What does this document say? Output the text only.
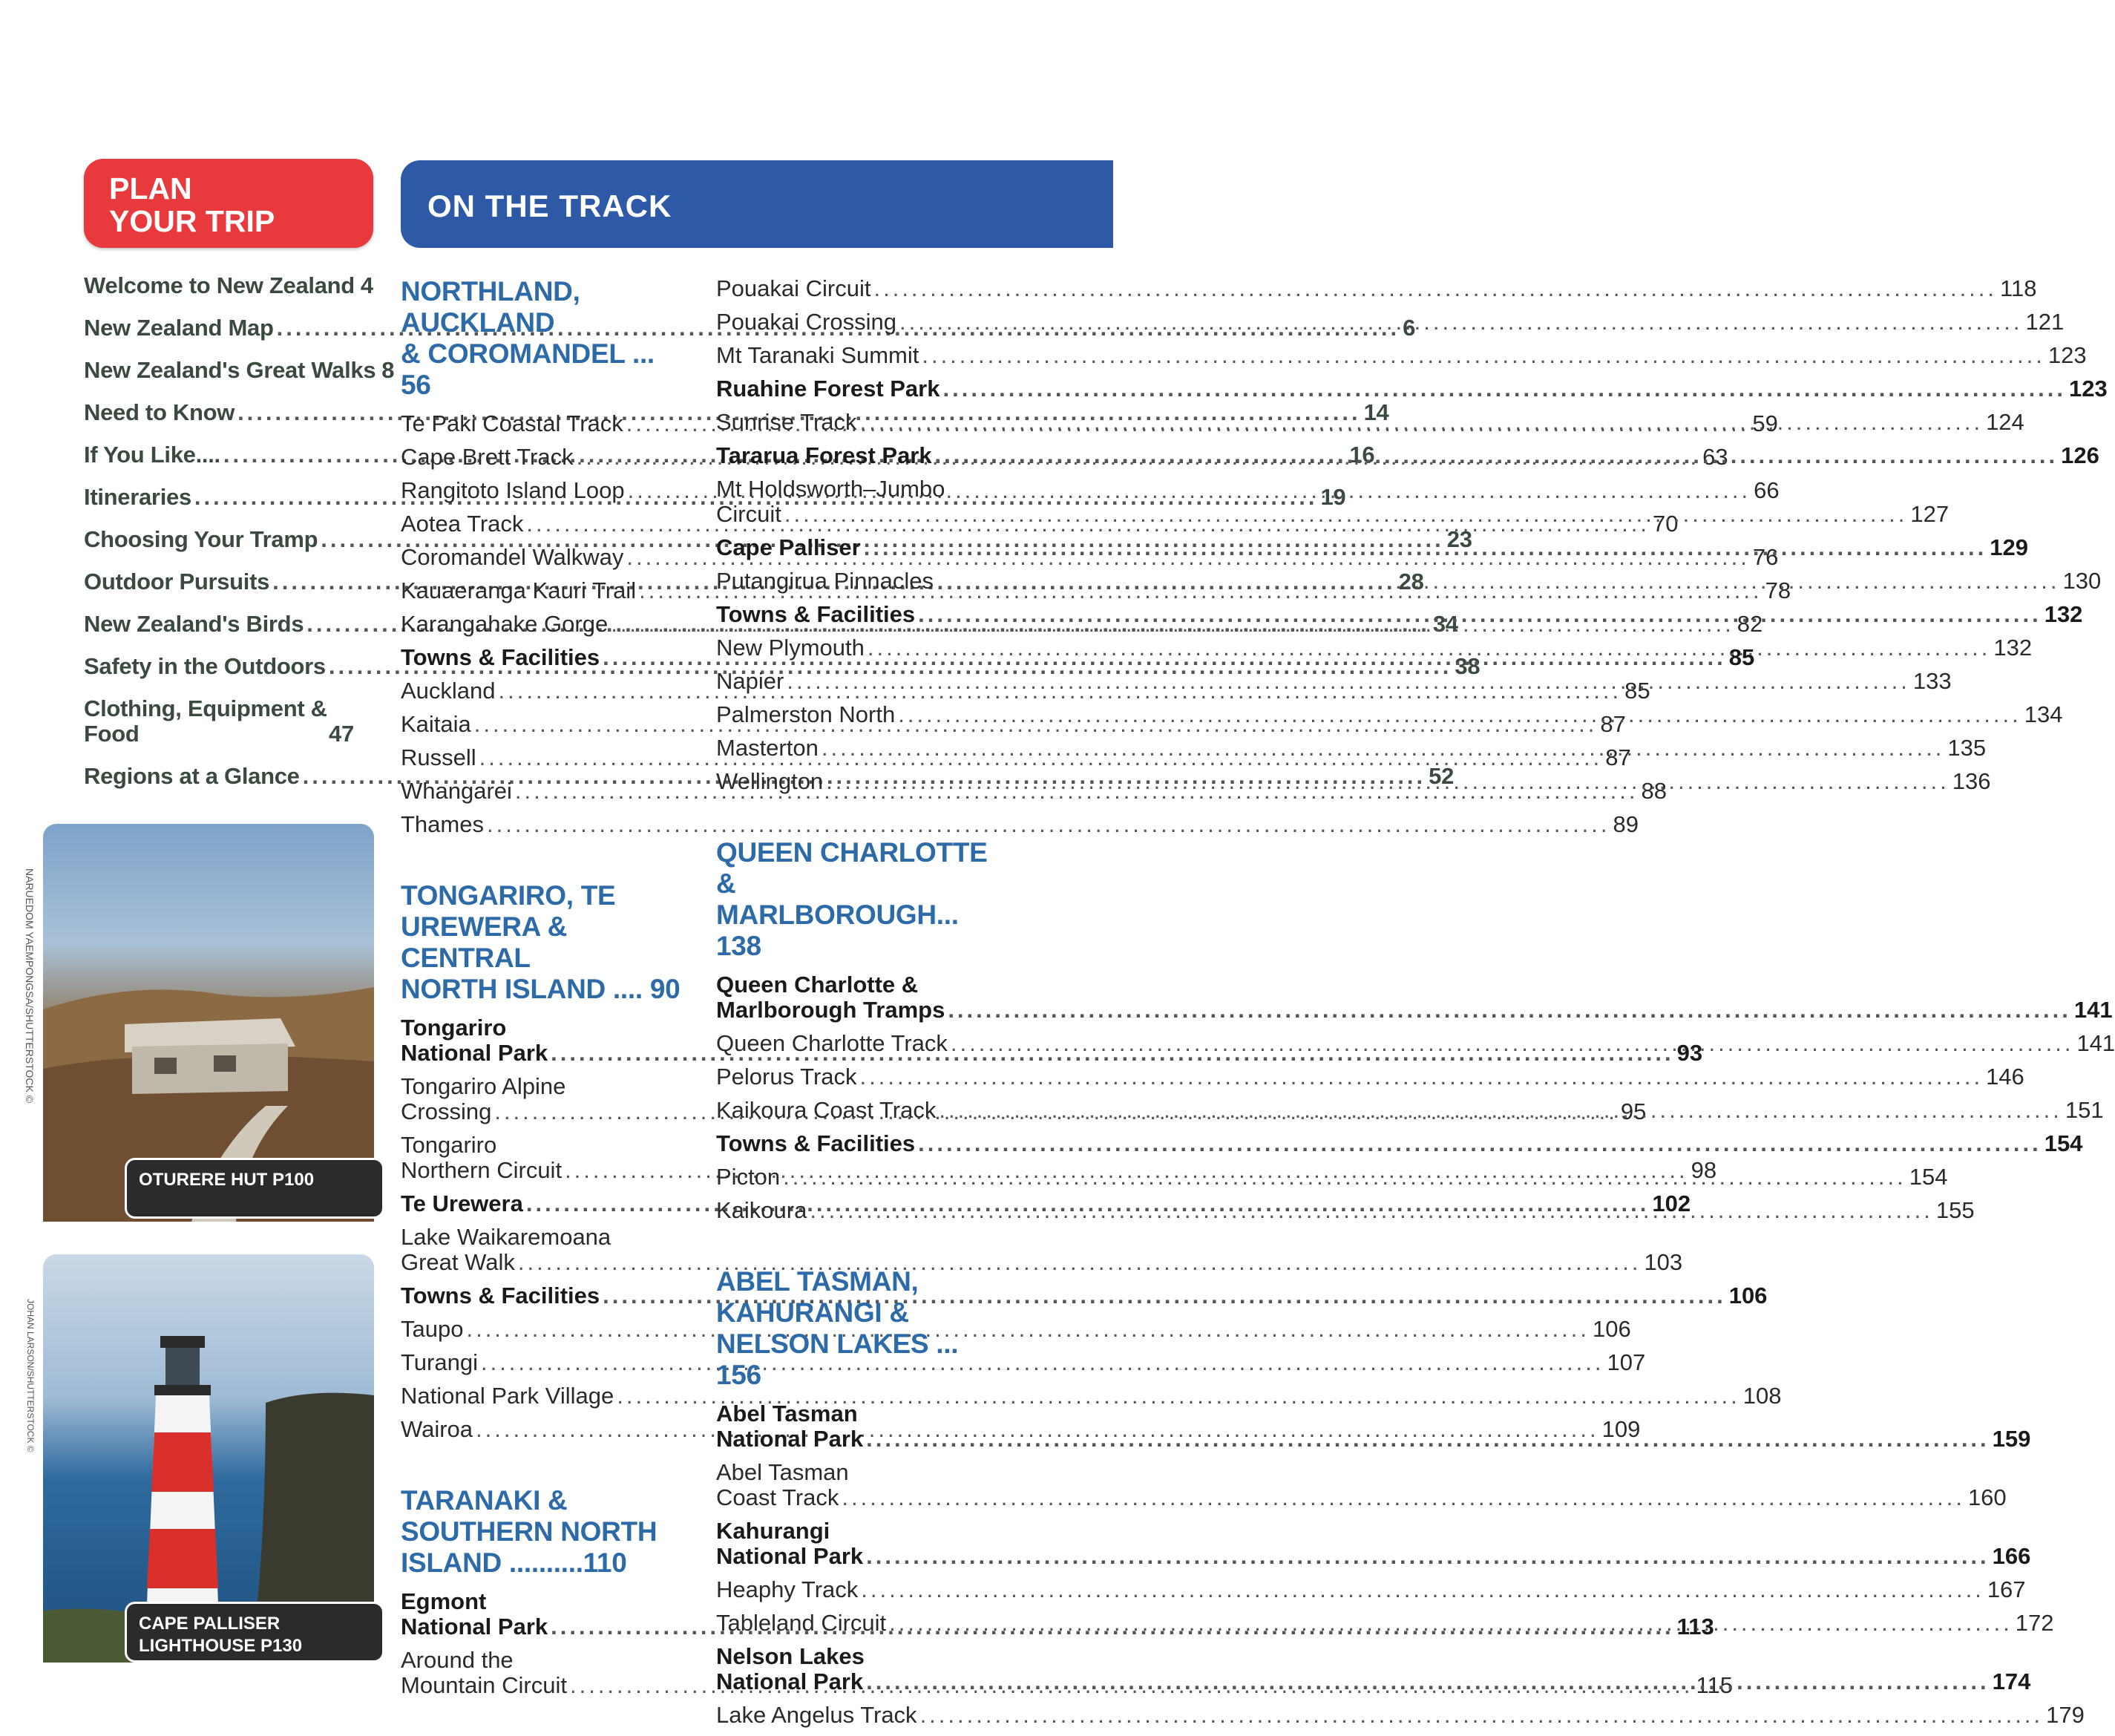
PLAN
YOUR TRIP	ON THE TRACK
Welcome to New Zealand 4
New Zealand Map .....	6
New Zealand's Great Walks 8
Need to Know .....	14
If You Like.... .....	16
Itineraries .....	19
Choosing Your Tramp .....	23
Outdoor Pursuits .....	28
New Zealand's Birds .....	34
Safety in the Outdoors .....	38
Clothing, Equipment & Food	47
Regions at a Glance .....	52
OTURERE HUT P100
NARUEDOM YAEMPONGSA/SHUTTERSTOCK ©
CAPE PALLISER
LIGHTHOUSE P130
JOHAN LARSON/SHUTTERSTOCK ©
NORTHLAND,
AUCKLAND
& COROMANDEL ... 56
Te Paki Coastal Track .....	59
Cape Brett Track .....	63
Rangitoto Island Loop .....	66
Aotea Track .....	70
Coromandel Walkway .....	76
Kauaeranga Kauri Trail .....	78
Karangahake Gorge .....	82
Towns & Facilities .....	85
Auckland .....	85
Kaitaia .....	87
Russell .....	87
Whangarei .....	88
Thames .....	89
TONGARIRO, TE
UREWERA & CENTRAL
NORTH ISLAND .... 90
Tongariro
National Park .....	93
Tongariro Alpine
Crossing .....	95
Tongariro
Northern Circuit .....	98
Te Urewera .....	102
Lake Waikaremoana
Great Walk .....	103
Towns & Facilities .....	106
Taupo .....	106
Turangi .....	107
National Park Village .....	108
Wairoa .....	109
TARANAKI &
SOUTHERN NORTH
ISLAND ..........110
Egmont
National Park .....	113
Around the
Mountain Circuit .....	115
Pouakai Circuit .....	118
Pouakai Crossing .....	121
Mt Taranaki Summit .....	123
Ruahine Forest Park .....	123
Sunrise Track .....	124
Tararua Forest Park .....	126
Mt Holdsworth–Jumbo
Circuit .....	127
Cape Palliser .....	129
Putangirua Pinnacles .....	130
Towns & Facilities .....	132
New Plymouth .....	132
Napier .....	133
Palmerston North .....	134
Masterton .....	135
Wellington .....	136
QUEEN CHARLOTTE &
MARLBOROUGH... 138
Queen Charlotte &
Marlborough Tramps .....	141
Queen Charlotte Track .....	141
Pelorus Track .....	146
Kaikoura Coast Track .....	151
Towns & Facilities .....	154
Picton .....	154
Kaikoura .....	155
ABEL TASMAN,
KAHURANGI &
NELSON LAKES ... 156
Abel Tasman
National Park .....	159
Abel Tasman
Coast Track .....	160
Kahurangi
National Park .....	166
Heaphy Track .....	167
Tableland Circuit .....	172
Nelson Lakes
National Park .....	174
Lake Angelus Track .....	179
